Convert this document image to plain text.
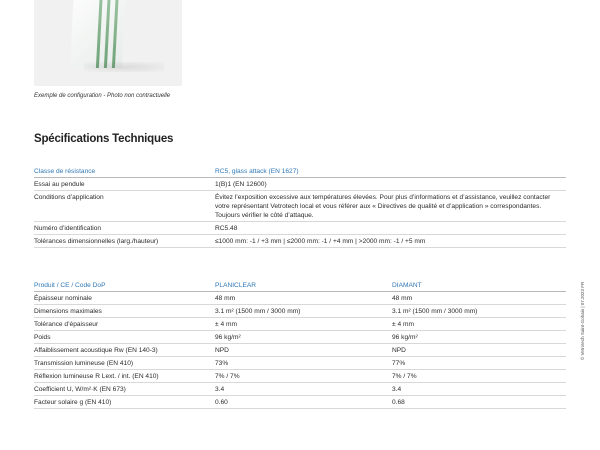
Exemple de configuration - Photo non contractuelle
Spécifications Techniques
Classe de résistance	RC5, glass attack (EN 1627)
Essai au pendule	1(B)1 (EN 12600)
Conditions d’application	Évitez l’exposition excessive aux températures élevées. Pour plus d’informations et d’assistance, veuillez contacter votre représentant Vetrotech local et vous référer aux « Directives de qualité et d’application » correspondantes. Toujours vérifier le côté d’attaque.
Numéro d’identification	RC5.48
Tolérances dimensionnelles (larg./hauteur)	≤1000 mm: -1 / +3 mm | ≤2000 mm: -1 / +4 mm | >2000 mm: -1 / +5 mm
Produit / CE / Code DoP	PLANICLEAR	DIAMANT
Épaisseur nominale	48 mm	48 mm
Dimensions maximales	3.1 m² (1500 mm / 3000 mm)	3.1 m² (1500 mm / 3000 mm)
Tolérance d’épaisseur	± 4 mm	± 4 mm
Poids	96 kg/m²	96 kg/m²
Affaiblissement acoustique Rw (EN 140-3)	NPD	NPD
Transmission lumineuse (EN 410)	73%	77%
Réflexion lumineuse R Lext. / int. (EN 410)	7% / 7%	7% / 7%
Coefficient U, W/m²·K (EN 673)	3.4	3.4
Facteur solaire g (EN 410)	0.60	0.68
© Vetrotech Saint-Gobain | 07.2023 FR
